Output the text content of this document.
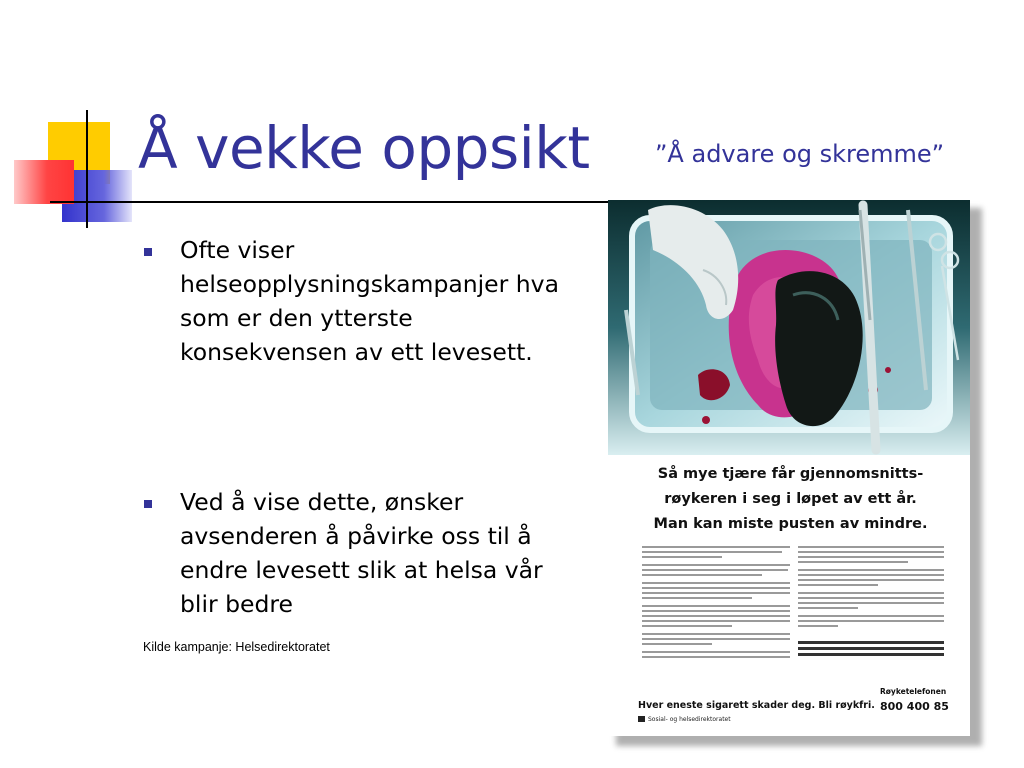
Å vekke oppsikt	”Å advare og skremme”
Ofte viser helseopplysningskampanjer hva som er den ytterste konsekvensen av ett levesett.
Ved å vise dette, ønsker avsenderen å påvirke oss til å endre levesett slik at helsa vår blir bedre
Kilde kampanje: Helsedirektoratet
Så mye tjære får gjennomsnitts-
røykeren i seg i løpet av ett år.
Man kan miste pusten av mindre.
Røyketelefonen
800 400 85
Hver eneste sigarett skader deg. Bli røykfri.
Sosial- og helsedirektoratet
